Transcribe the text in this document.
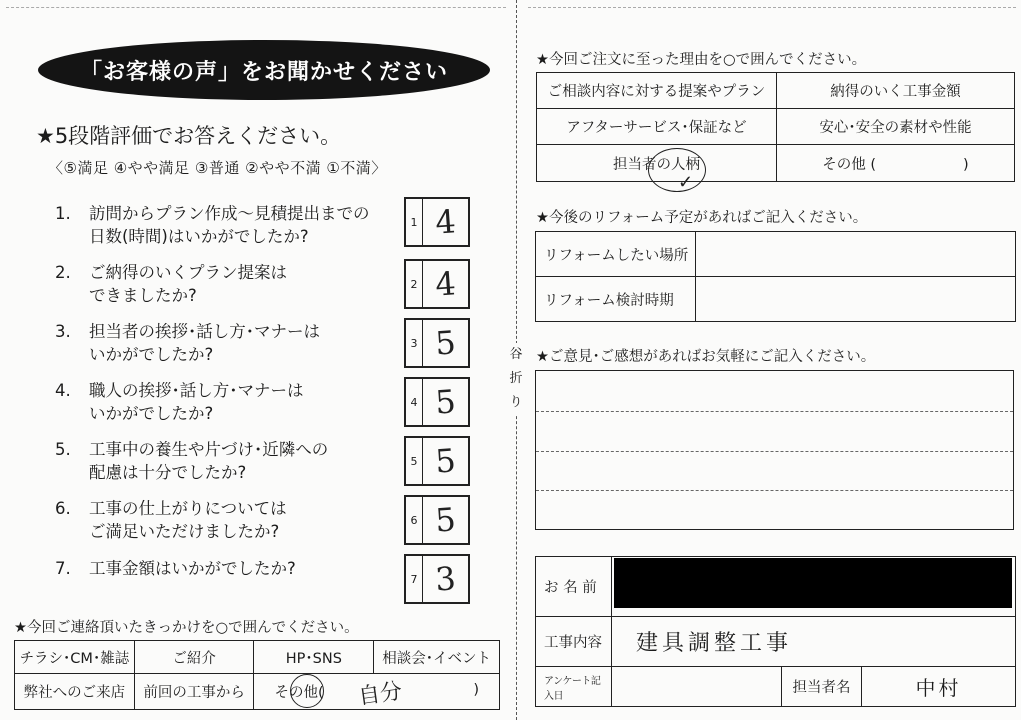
谷 折 り
「お客様の声」をお聞かせください
★5段階評価でお答えください。
〈⑤満足 ④やや満足 ③普通 ②やや不満 ①不満〉
1.	訪問からプラン作成～見積提出までの
日数(時間)はいかがでしたか?
1 4
2.	ご納得のいくプラン提案は
できましたか?
2 4
3.	担当者の挨拶･話し方･マナーは
いかがでしたか?
3 5
4.	職人の挨拶･話し方･マナーは
いかがでしたか?
4 5
5.	工事中の養生や片づけ･近隣への
配慮は十分でしたか?
5 5
6.	工事の仕上がりについては
ご満足いただけましたか?
6 5
7.	工事金額はいかがでしたか?
7 3
★今回ご連絡頂いたきっかけを○で囲んでください。
チラシ･CM･雑誌	ご紹介	HP･SNS	相談会･イベント
弊社へのご来店	前回の工事から	その他( )	
自分
★今回ご注文に至った理由を○で囲んでください。
ご相談内容に対する提案やプラン	納得のいく工事金額
アフターサービス･保証など	安心･安全の素材や性能
担当者の人柄	その他 (　　　　　　)
✓
★今後のリフォーム予定があればご記入ください。
リフォームしたい場所	
リフォーム検討時期	
★ご意見･ご感想があればお気軽にご記入ください。
お 名 前			
工事内容	建具調整工事		
アンケート記入日		担当者名	中村
